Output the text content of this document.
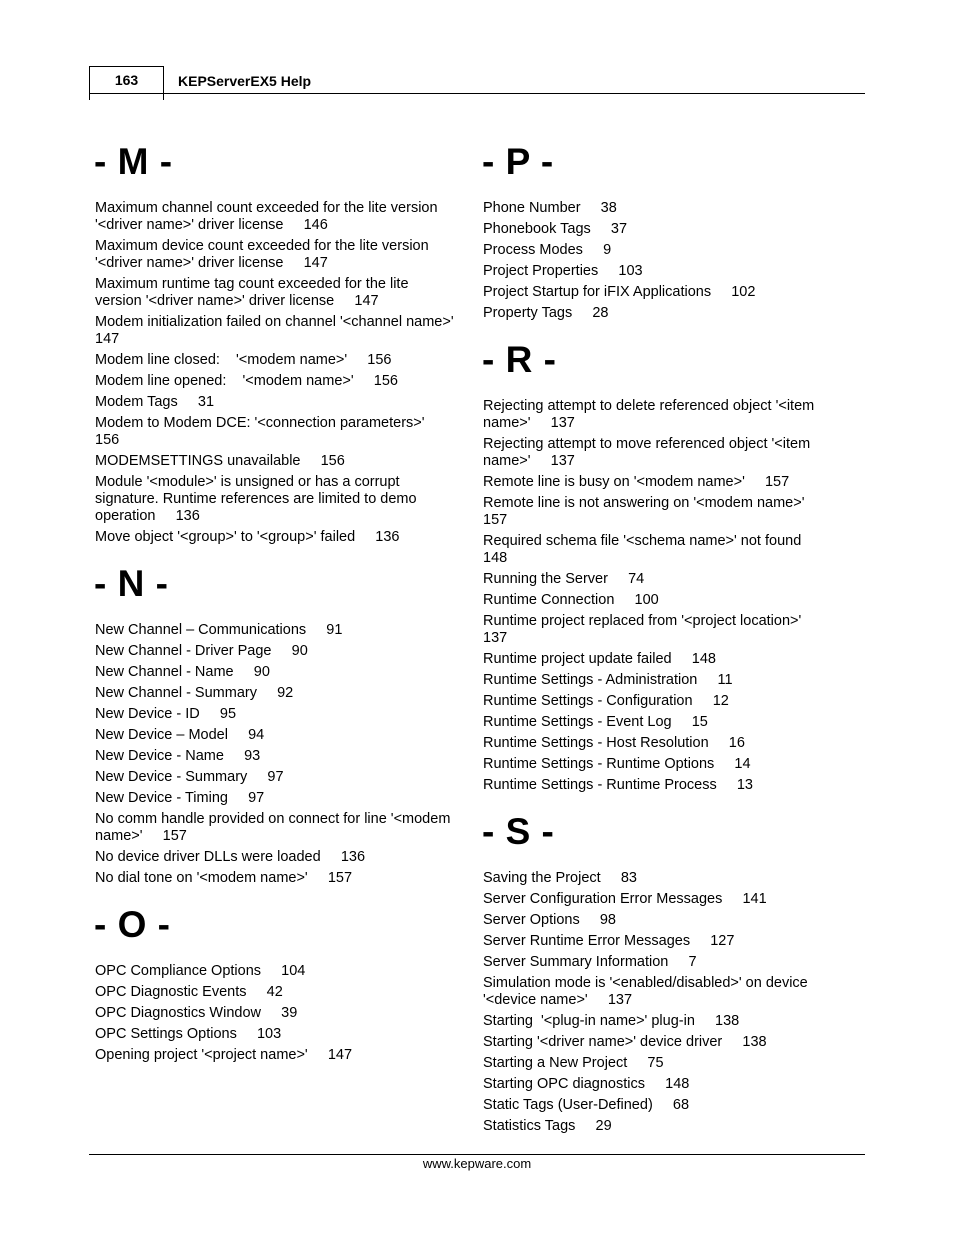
163	KEPServerEX5 Help
- M -
Maximum channel count exceeded for the lite version '<driver name>' driver license     146
Maximum device count exceeded for the lite version '<driver name>' driver license     147
Maximum runtime tag count exceeded for the lite version '<driver name>' driver license     147
Modem initialization failed on channel '<channel name>'     147
Modem line closed:    '<modem name>'     156
Modem line opened:    '<modem name>'     156
Modem Tags     31
Modem to Modem DCE: '<connection parameters>'     156
MODEMSETTINGS unavailable     156
Module '<module>' is unsigned or has a corrupt signature. Runtime references are limited to demo operation     136
Move object '<group>' to '<group>' failed     136
- N -
New Channel – Communications     91
New Channel - Driver Page     90
New Channel - Name     90
New Channel - Summary     92
New Device - ID     95
New Device – Model     94
New Device - Name     93
New Device - Summary     97
New Device - Timing     97
No comm handle provided on connect for line '<modem name>'     157
No device driver DLLs were loaded     136
No dial tone on '<modem name>'     157
- O -
OPC Compliance Options     104
OPC Diagnostic Events     42
OPC Diagnostics Window     39
OPC Settings Options     103
Opening project '<project name>'     147
- P -
Phone Number     38
Phonebook Tags     37
Process Modes     9
Project Properties     103
Project Startup for iFIX Applications     102
Property Tags     28
- R -
Rejecting attempt to delete referenced object '<item name>'     137
Rejecting attempt to move referenced object '<item name>'     137
Remote line is busy on '<modem name>'     157
Remote line is not answering on '<modem name>'     157
Required schema file '<schema name>' not found     148
Running the Server     74
Runtime Connection     100
Runtime project replaced from '<project location>'     137
Runtime project update failed     148
Runtime Settings - Administration     11
Runtime Settings - Configuration     12
Runtime Settings - Event Log     15
Runtime Settings - Host Resolution     16
Runtime Settings - Runtime Options     14
Runtime Settings - Runtime Process     13
- S -
Saving the Project     83
Server Configuration Error Messages     141
Server Options     98
Server Runtime Error Messages     127
Server Summary Information     7
Simulation mode is '<enabled/disabled>' on device '<device name>'     137
Starting  '<plug-in name>' plug-in     138
Starting '<driver name>' device driver     138
Starting a New Project     75
Starting OPC diagnostics     148
Static Tags (User-Defined)     68
Statistics Tags     29
www.kepware.com
